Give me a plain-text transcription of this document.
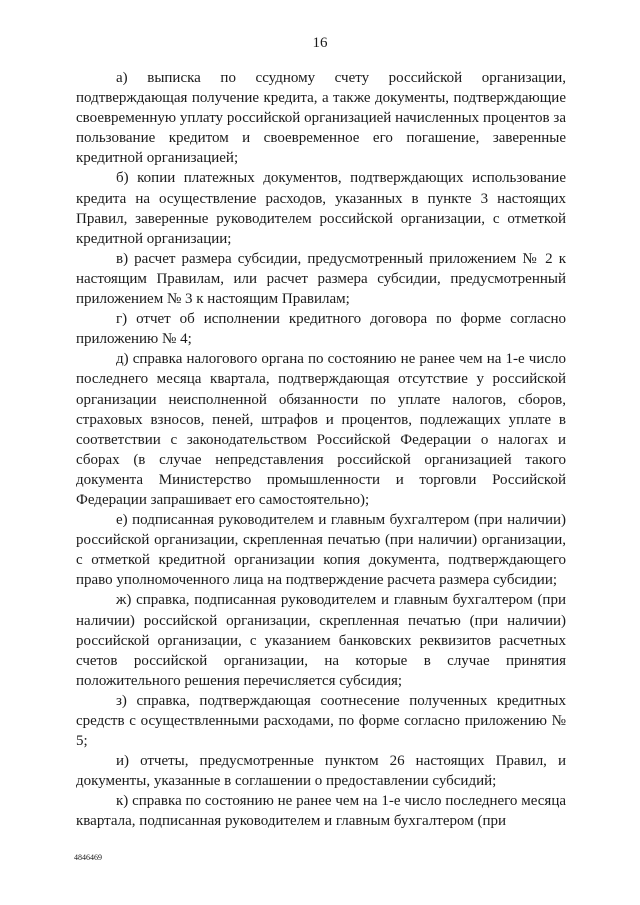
16

а) выписка по ссудному счету российской организации, подтверждающая получение кредита, а также документы, подтверждающие своевременную уплату российской организацией начисленных процентов за пользование кредитом и своевременное его погашение, заверенные кредитной организацией;

б) копии платежных документов, подтверждающих использование кредита на осуществление расходов, указанных в пункте 3 настоящих Правил, заверенные руководителем российской организации, с отметкой кредитной организации;

в) расчет размера субсидии, предусмотренный приложением № 2 к настоящим Правилам, или расчет размера субсидии, предусмотренный приложением № 3 к настоящим Правилам;

г) отчет об исполнении кредитного договора по форме согласно приложению № 4;

д) справка налогового органа по состоянию не ранее чем на 1-е число последнего месяца квартала, подтверждающая отсутствие у российской организации неисполненной обязанности по уплате налогов, сборов, страховых взносов, пеней, штрафов и процентов, подлежащих уплате в соответствии с законодательством Российской Федерации о налогах и сборах (в случае непредставления российской организацией такого документа Министерство промышленности и торговли Российской Федерации запрашивает его самостоятельно);

е) подписанная руководителем и главным бухгалтером (при наличии) российской организации, скрепленная печатью (при наличии) организации, с отметкой кредитной организации копия документа, подтверждающего право уполномоченного лица на подтверждение расчета размера субсидии;

ж) справка, подписанная руководителем и главным бухгалтером (при наличии) российской организации, скрепленная печатью (при наличии) российской организации, с указанием банковских реквизитов расчетных счетов российской организации, на которые в случае принятия положительного решения перечисляется субсидия;

з) справка, подтверждающая соотнесение полученных кредитных средств с осуществленными расходами, по форме согласно приложению № 5;

и) отчеты, предусмотренные пунктом 26 настоящих Правил, и документы, указанные в соглашении о предоставлении субсидий;

к) справка по состоянию не ранее чем на 1-е число последнего месяца квартала, подписанная руководителем и главным бухгалтером (при

4846469
